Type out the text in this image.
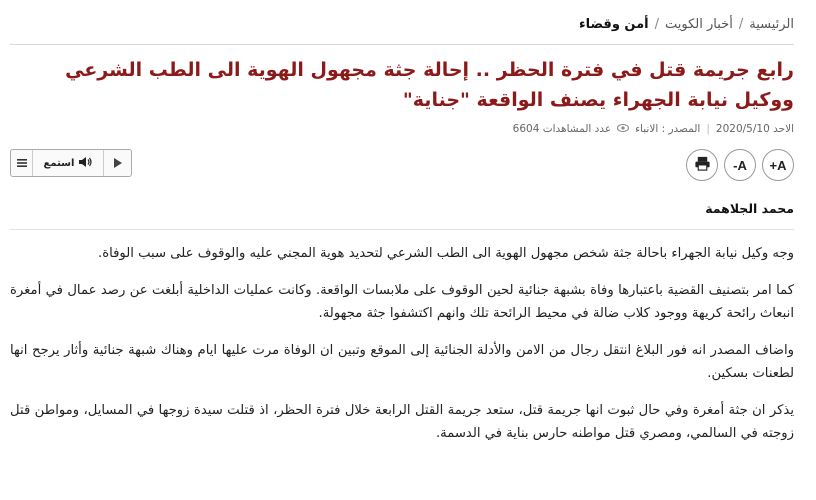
الرئيسية
/
أخبار الكويت
/
أمن وقضاء
رابع جريمة قتل في فترة الحظر .. إحالة جثة مجهول الهوية الى الطب الشرعي ووكيل نيابة الجهراء يصنف الواقعة "جناية"
الاحد 2020/5/10
|
المصدر : الانباء
عدد المشاهدات 6604
A+
A-
استمع
محمد الجلاهمة

وجه وكيل نيابة الجهراء باحالة جثة شخص مجهول الهوية الى الطب الشرعي لتحديد هوية المجني عليه والوقوف على سبب الوفاة.

كما امر بتصنيف القضية باعتبارها وفاة بشبهة جنائية لحين الوقوف على ملابسات الواقعة. وكانت عمليات الداخلية أبلغت عن رصد عمال في أمغرة انبعاث رائحة كريهة ووجود كلاب ضالة في محيط الرائحة تلك وانهم اكتشفوا جثة مجهولة.

واضاف المصدر انه فور البلاغ انتقل رجال من الامن والأدلة الجنائية إلى الموقع وتبين ان الوفاة مرت عليها ايام وهناك شبهة جنائية وأثار يرجح انها لطعنات بسكين.

يذكر ان جثة أمغرة وفي حال ثبوت انها جريمة قتل، ستعد جريمة القتل الرابعة خلال فترة الحظر، اذ قتلت سيدة زوجها في المسايل، ومواطن قتل زوجته في السالمي، ومصري قتل مواطنه حارس بناية في الدسمة.
